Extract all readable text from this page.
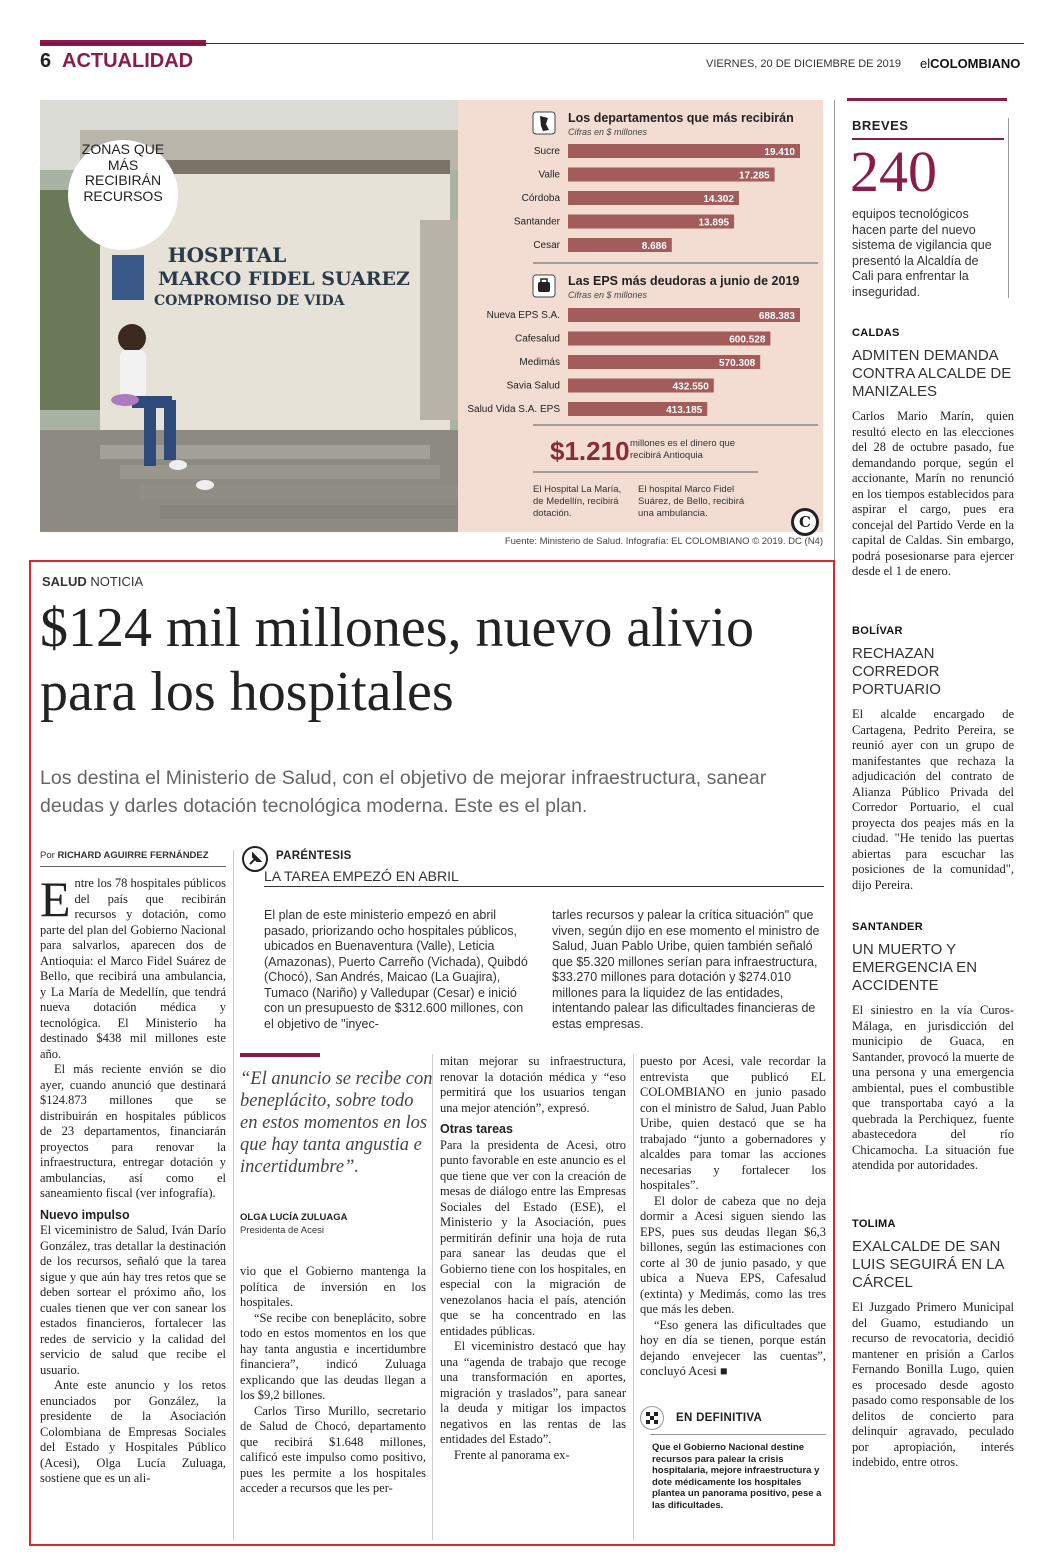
6 ACTUALIDAD	VIERNES, 20 DE DICIEMBRE DE 2019 elCOLOMBIANO
HOSPITAL
MARCO FIDEL SUAREZ
COMPROMISO DE VIDA
ZONAS QUE MÁS RECIBIRÁN RECURSOS
Sucre	19.410
Valle	17.285
Córdoba	14.302
Santander	13.895
Cesar	8.686
Nueva EPS S.A.	688.383
Cafesalud	600.528
Medimás	570.308
Savia Salud	432.550
Salud Vida S.A. EPS	413.185
Los departamentos que más recibirán
Cifras en $ millones
Las EPS más deudoras a junio de 2019
Cifras en $ millones
$1.210 millones es el dinero que recibirá Antioquia
El Hospital La María, de Medellín, recibirá dotación.
El hospital Marco Fidel Suárez, de Bello, recibirá una ambulancia.	C
Fuente: Ministerio de Salud. Infografía: EL COLOMBIANO © 2019. DC (N4)
BREVES
240
equipos tecnológicos hacen parte del nuevo sistema de vigilancia que presentó la Alcaldía de Cali para enfrentar la inseguridad.
CALDAS
ADMITEN DEMANDA CONTRA ALCALDE DE MANIZALES
Carlos Mario Marín, quien resultó electo en las elecciones del 28 de octubre pasado, fue demandando porque, según el accionante, Marín no renunció en los tiempos establecidos para aspirar el cargo, pues era concejal del Partido Verde en la capital de Caldas. Sin embargo, podrá posesionarse para ejercer desde el 1 de enero.
BOLÍVAR
RECHAZAN CORREDOR PORTUARIO
El alcalde encargado de Cartagena, Pedrito Pereira, se reunió ayer con un grupo de manifestantes que rechaza la adjudicación del contrato de Alianza Público Privada del Corredor Portuario, el cual proyecta dos peajes más en la ciudad. "He tenido las puertas abiertas para escuchar las posiciones de la comunidad", dijo Pereira.
SANTANDER
UN MUERTO Y EMERGENCIA EN ACCIDENTE
El siniestro en la vía Curos-Málaga, en jurisdicción del municipio de Guaca, en Santander, provocó la muerte de una persona y una emergencia ambiental, pues el combustible que transportaba cayó a la quebrada la Perchiquez, fuente abastecedora del río Chicamocha. La situación fue atendida por autoridades.
TOLIMA
EXALCALDE DE SAN LUIS SEGUIRÁ EN LA CÁRCEL
El Juzgado Primero Municipal del Guamo, estudiando un recurso de revocatoria, decidió mantener en prisión a Carlos Fernando Bonilla Lugo, quien es procesado desde agosto pasado como responsable de los delitos de concierto para delinquir agravado, peculado por apropiación, interés indebido, entre otros.
SALUD NOTICIA
$124 mil millones, nuevo alivio para los hospitales
Los destina el Ministerio de Salud, con el objetivo de mejorar infraestructura, sanear deudas y darles dotación tecnológica moderna. Este es el plan.
Por RICHARD AGUIRRE FERNÁNDEZ
E ntre los 78 hospitales públicos del país que recibirán recursos y dotación, como parte del plan del Gobierno Nacional para salvarlos, aparecen dos de Antioquia: el Marco Fidel Suárez de Bello, que recibirá una ambulancia, y La María de Medellín, que tendrá nueva dotación médica y tecnológica. El Ministerio ha destinado $438 mil millones este año.

El más reciente envión se dio ayer, cuando anunció que destinará $124.873 millones que se distribuirán en hospitales públicos de 23 departamentos, financiarán proyectos para renovar la infraestructura, entregar dotación y ambulancias, así como el saneamiento fiscal (ver infografía).

Nuevo impulso

El viceministro de Salud, Iván Darío González, tras detallar la destinación de los recursos, señaló que la tarea sigue y que aún hay tres retos que se deben sortear el próximo año, los cuales tienen que ver con sanear los estados financieros, fortalecer las redes de servicio y la calidad del servicio de salud que recibe el usuario.

Ante este anuncio y los retos enunciados por González, la presidente de la Asociación Colombiana de Empresas Sociales del Estado y Hospitales Público (Acesi), Olga Lucía Zuluaga, sostiene que es un ali-

PARÉNTESIS
LA TAREA EMPEZÓ EN ABRIL
El plan de este ministerio empezó en abril pasado, priorizando ocho hospitales públicos, ubicados en Buenaventura (Valle), Leticia (Amazonas), Puerto Carreño (Vichada), Quibdó (Chocó), San Andrés, Maicao (La Guajira), Tumaco (Nariño) y Valledupar (Cesar) e inició con un presupuesto de $312.600 millones, con el objetivo de "inyec-
tarles recursos y palear la crítica situación" que viven, según dijo en ese momento el ministro de Salud, Juan Pablo Uribe, quien también señaló que $5.320 millones serían para infraestructura, $33.270 millones para dotación y $274.010 millones para la liquidez de las entidades, intentando palear las dificultades financieras de estas empresas.
“El anuncio se recibe con beneplácito, sobre todo en estos momentos en los que hay tanta angustia e incertidumbre”.
OLGA LUCÍA ZULUAGA
Presidenta de Acesi

vio que el Gobierno mantenga la política de inversión en los hospitales.

“Se recibe con beneplácito, sobre todo en estos momentos en los que hay tanta angustia e incertidumbre financiera”, indicó Zuluaga explicando que las deudas llegan a los $9,2 billones.

Carlos Tirso Murillo, secretario de Salud de Chocó, departamento que recibirá $1.648 millones, calificó este impulso como positivo, pues les permite a los hospitales acceder a recursos que les per-

mitan mejorar su infraestructura, renovar la dotación médica y “eso permitirá que los usuarios tengan una mejor atención”, expresó.

Otras tareas

Para la presidenta de Acesi, otro punto favorable en este anuncio es el que tiene que ver con la creación de mesas de diálogo entre las Empresas Sociales del Estado (ESE), el Ministerio y la Asociación, pues permitirán definir una hoja de ruta para sanear las deudas que el Gobierno tiene con los hospitales, en especial con la migración de venezolanos hacia el país, atención que se ha concentrado en las entidades públicas.

El viceministro destacó que hay una “agenda de trabajo que recoge una transformación en aportes, migración y traslados”, para sanear la deuda y mitigar los impactos negativos en las rentas de las entidades del Estado”.

Frente al panorama ex-

puesto por Acesi, vale recordar la entrevista que publicó EL COLOMBIANO en junio pasado con el ministro de Salud, Juan Pablo Uribe, quien destacó que se ha trabajado “junto a gobernadores y alcaldes para tomar las acciones necesarias y fortalecer los hospitales”.

El dolor de cabeza que no deja dormir a Acesi siguen siendo las EPS, pues sus deudas llegan $6,3 billones, según las estimaciones con corte al 30 de junio pasado, y que ubica a Nueva EPS, Cafesalud (extinta) y Medimás, como las tres que más les deben.

“Eso genera las dificultades que hoy en día se tienen, porque están dejando envejecer las cuentas”, concluyó Acesi ■

EN DEFINITIVA
Que el Gobierno Nacional destine recursos para palear la crisis hospitalaria, mejore infraestructura y dote médicamente los hospitales plantea un panorama positivo, pese a las dificultades.
